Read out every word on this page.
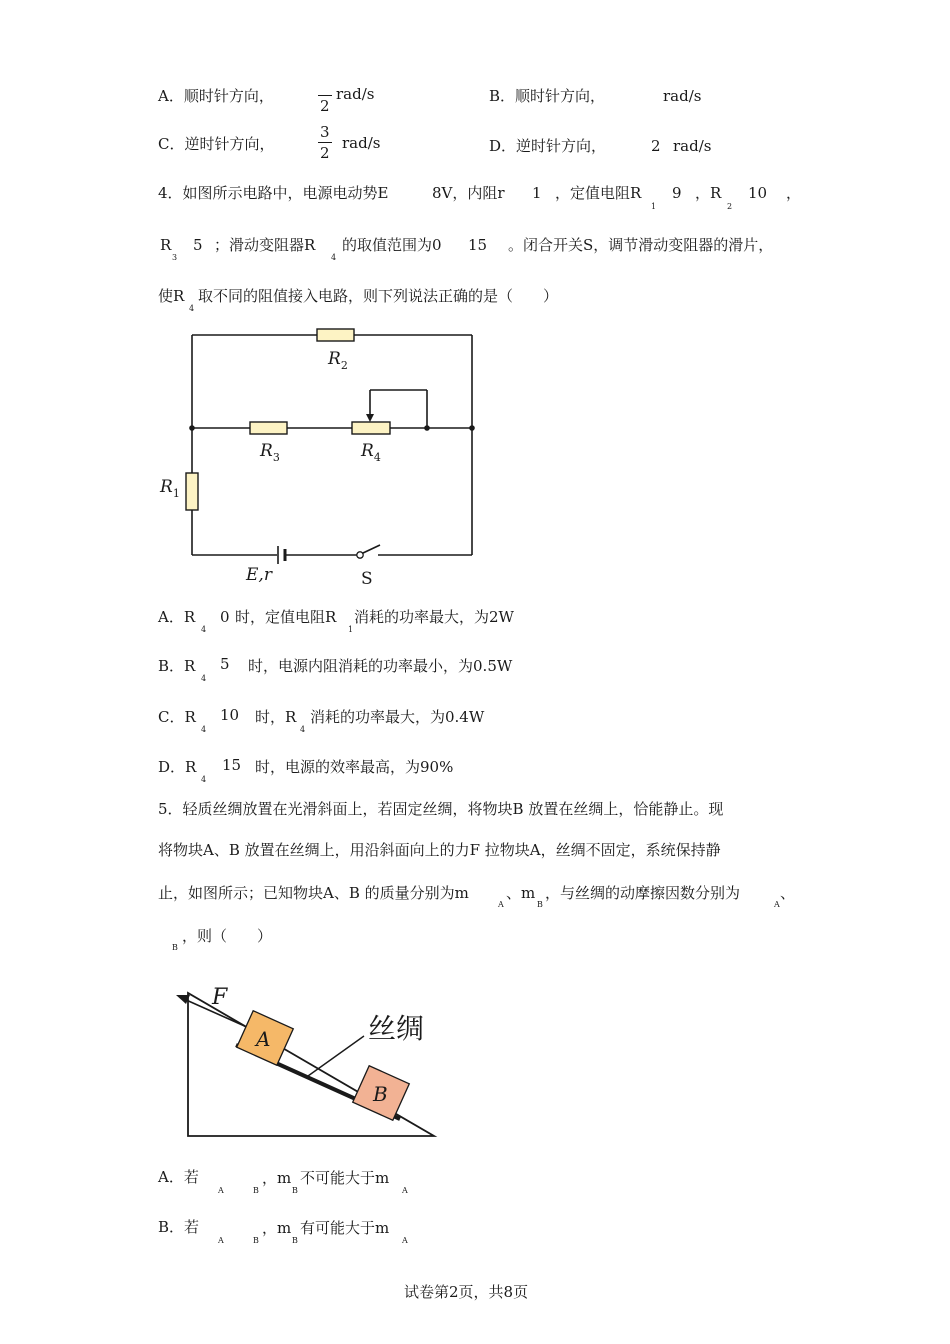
A．顺时针方向，
2
rad/s	B．顺时针方向，	rad/s
C．逆时针方向，
3
2
rad/s	D．逆时针方向，	2 rad/s
4．如图所示电路中，电源电动势E	8V，内阻r 1 ，定值电阻R
1
9 ，R
2
10 ，
R
3
5 ；滑动变阻器R
4
的取值范围为0 15 。闭合开关S，调节滑动变阻器的滑片，
使R
4
取不同的阻值接入电路，则下列说法正确的是（　　）
$R_2$
$R_3$	$R_4$
$R_1$
E,r	S
A．R
4
0 时，定值电阻R
1
消耗的功率最大，为2W
B．R
4
5 时，电源内阻消耗的功率最小，为0.5W
C．R
4
10 时，R
4
消耗的功率最大，为0.4W
D．R
4
15 时，电源的效率最高，为90%
5．轻质丝绸放置在光滑斜面上，若固定丝绸，将物块B 放置在丝绸上，恰能静止。现
将物块A、B 放置在丝绸上，用沿斜面向上的力F 拉物块A，丝绸不固定，系统保持静
止，如图所示；已知物块A、B 的质量分别为m
A
、m
B
，与丝绸的动摩擦因数分别为
A
、
B
，则（　　）
F
A
B
丝绸
A．若
A	B
，m
B
不可能大于m
A
B．若
A	B
，m
B
有可能大于m
A
试卷第2页，共8页
